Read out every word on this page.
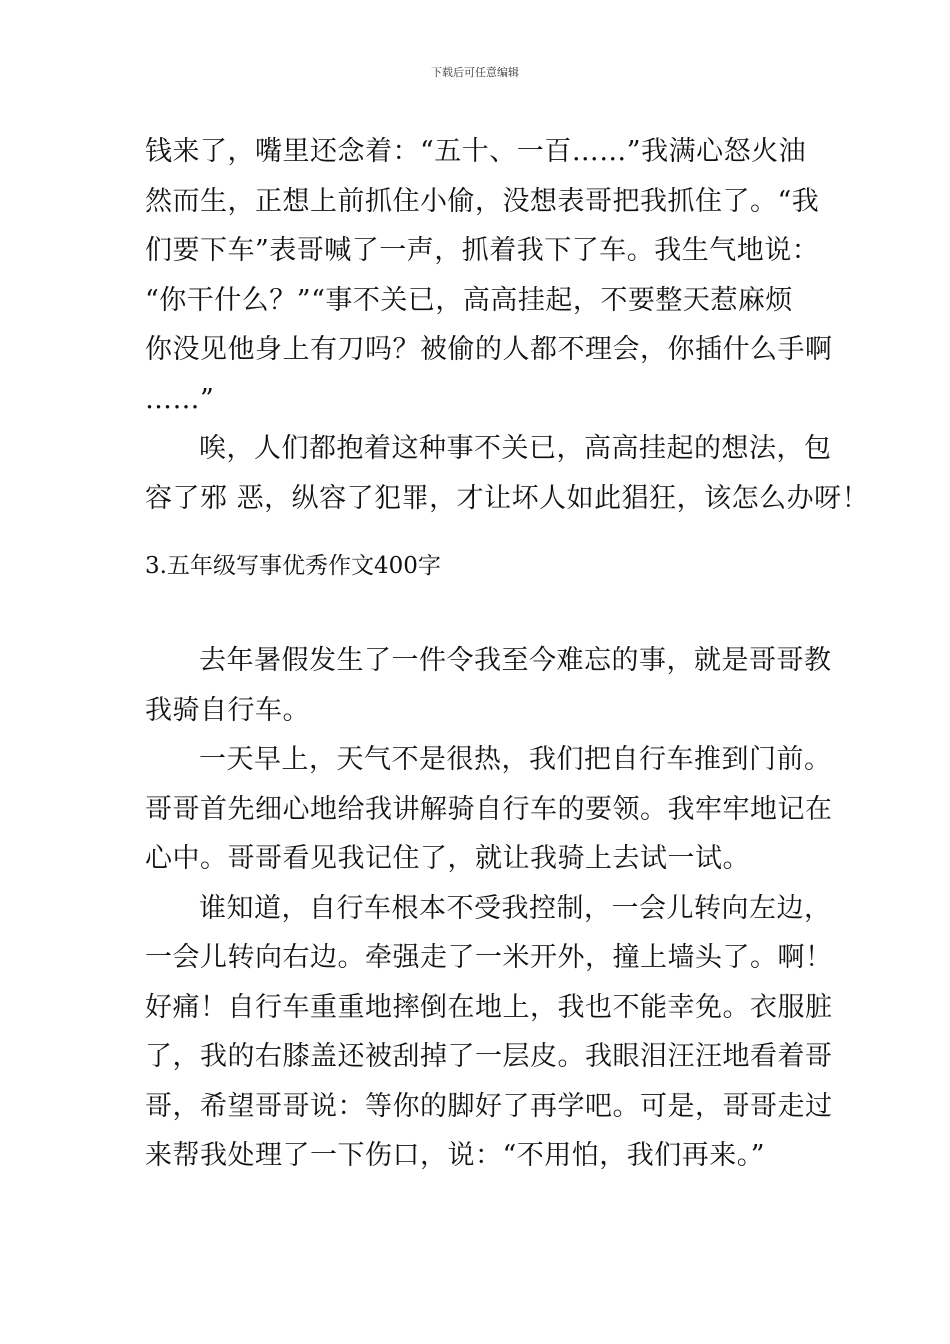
下载后可任意编辑
钱来了，嘴里还念着：“五十、一百……”我满心怒火油
然而生，正想上前抓住小偷，没想表哥把我抓住了。“我
们要下车”表哥喊了一声，抓着我下了车。我生气地说：
“你干什么？”“事不关已，高高挂起，不要整天惹麻烦
你没见他身上有刀吗？被偷的人都不理会，你插什么手啊
……”
唉，人们都抱着这种事不关已，高高挂起的想法，包
容了邪 恶，纵容了犯罪，才让坏人如此猖狂，该怎么办呀！
3.五年级写事优秀作文400字
去年暑假发生了一件令我至今难忘的事，就是哥哥教
我骑自行车。
一天早上，天气不是很热，我们把自行车推到门前。
哥哥首先细心地给我讲解骑自行车的要领。我牢牢地记在
心中。哥哥看见我记住了，就让我骑上去试一试。
谁知道，自行车根本不受我控制，一会儿转向左边，
一会儿转向右边。牵强走了一米开外，撞上墙头了。啊！
好痛！自行车重重地摔倒在地上，我也不能幸免。衣服脏
了，我的右膝盖还被刮掉了一层皮。我眼泪汪汪地看着哥
哥，希望哥哥说：等你的脚好了再学吧。可是，哥哥走过
来帮我处理了一下伤口，说：“不用怕，我们再来。”
